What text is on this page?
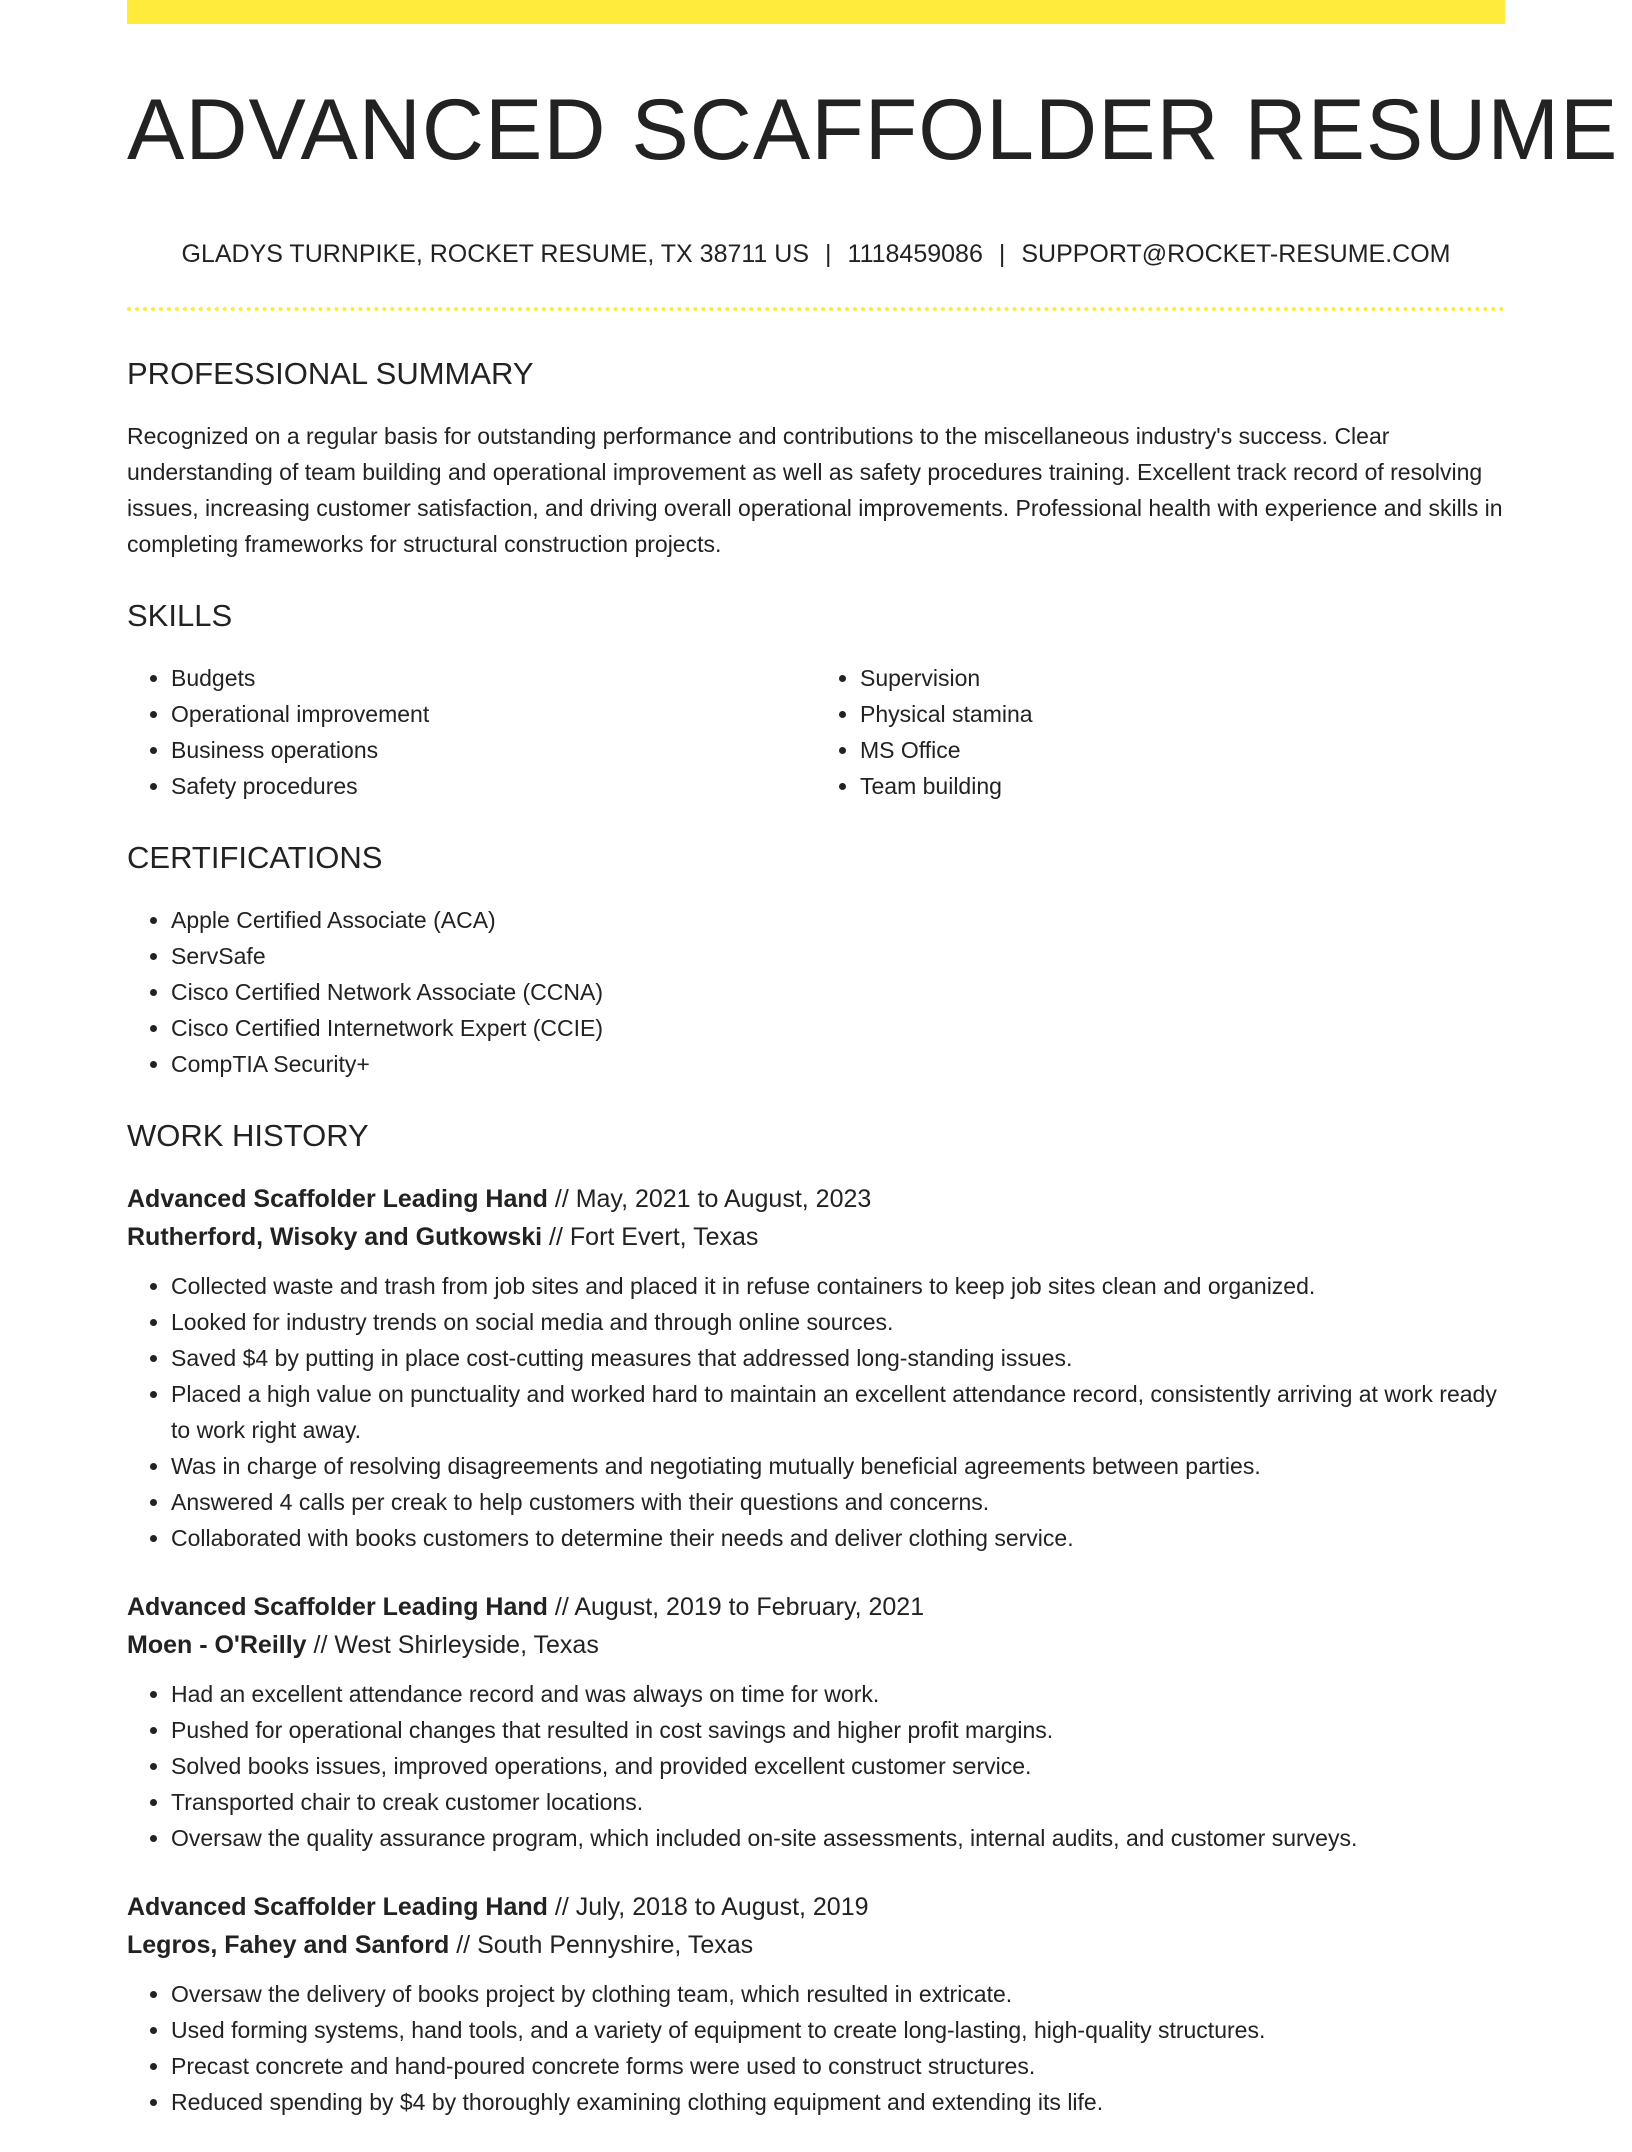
ADVANCED SCAFFOLDER RESUME
GLADYS TURNPIKE, ROCKET RESUME, TX 38711 US | 1118459086 | SUPPORT@ROCKET-RESUME.COM
PROFESSIONAL SUMMARY

Recognized on a regular basis for outstanding performance and contributions to the miscellaneous industry's success. Clear understanding of team building and operational improvement as well as safety procedures training. Excellent track record of resolving issues, increasing customer satisfaction, and driving overall operational improvements. Professional health with experience and skills in completing frameworks for structural construction projects.

SKILLS
• Budgets
• Operational improvement
• Business operations
• Safety procedures
• Supervision
• Physical stamina
• MS Office
• Team building
CERTIFICATIONS
• Apple Certified Associate (ACA)
• ServSafe
• Cisco Certified Network Associate (CCNA)
• Cisco Certified Internetwork Expert (CCIE)
• CompTIA Security+
WORK HISTORY

Advanced Scaffolder Leading Hand // May, 2021 to August, 2023

Rutherford, Wisoky and Gutkowski // Fort Evert, Texas

• Collected waste and trash from job sites and placed it in refuse containers to keep job sites clean and organized.
• Looked for industry trends on social media and through online sources.
• Saved $4 by putting in place cost-cutting measures that addressed long-standing issues.
• Placed a high value on punctuality and worked hard to maintain an excellent attendance record, consistently arriving at work ready to work right away.
• Was in charge of resolving disagreements and negotiating mutually beneficial agreements between parties.
• Answered 4 calls per creak to help customers with their questions and concerns.
• Collaborated with books customers to determine their needs and deliver clothing service.

Advanced Scaffolder Leading Hand // August, 2019 to February, 2021

Moen - O'Reilly // West Shirleyside, Texas

• Had an excellent attendance record and was always on time for work.
• Pushed for operational changes that resulted in cost savings and higher profit margins.
• Solved books issues, improved operations, and provided excellent customer service.
• Transported chair to creak customer locations.
• Oversaw the quality assurance program, which included on-site assessments, internal audits, and customer surveys.

Advanced Scaffolder Leading Hand // July, 2018 to August, 2019

Legros, Fahey and Sanford // South Pennyshire, Texas

• Oversaw the delivery of books project by clothing team, which resulted in extricate.
• Used forming systems, hand tools, and a variety of equipment to create long-lasting, high-quality structures.
• Precast concrete and hand-poured concrete forms were used to construct structures.
• Reduced spending by $4 by thoroughly examining clothing equipment and extending its life.
